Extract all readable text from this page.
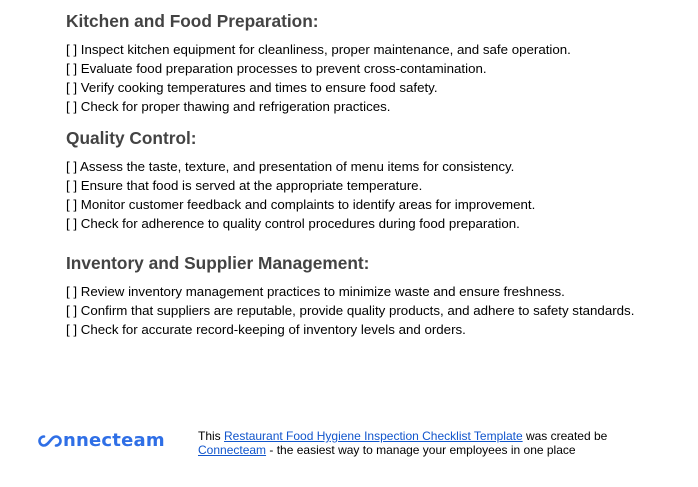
Kitchen and Food Preparation:
[ ] Inspect kitchen equipment for cleanliness, proper maintenance, and safe operation.
[ ] Evaluate food preparation processes to prevent cross-contamination.
[ ] Verify cooking temperatures and times to ensure food safety.
[ ] Check for proper thawing and refrigeration practices.
Quality Control:
[ ] Assess the taste, texture, and presentation of menu items for consistency.
[ ] Ensure that food is served at the appropriate temperature.
[ ] Monitor customer feedback and complaints to identify areas for improvement.
[ ] Check for adherence to quality control procedures during food preparation.
Inventory and Supplier Management:
[ ] Review inventory management practices to minimize waste and ensure freshness.
[ ] Confirm that suppliers are reputable, provide quality products, and adhere to safety standards.
[ ] Check for accurate record-keeping of inventory levels and orders.
nnecteam	This Restaurant Food Hygiene Inspection Checklist Template was created be
Connecteam - the easiest way to manage your employees in one place
